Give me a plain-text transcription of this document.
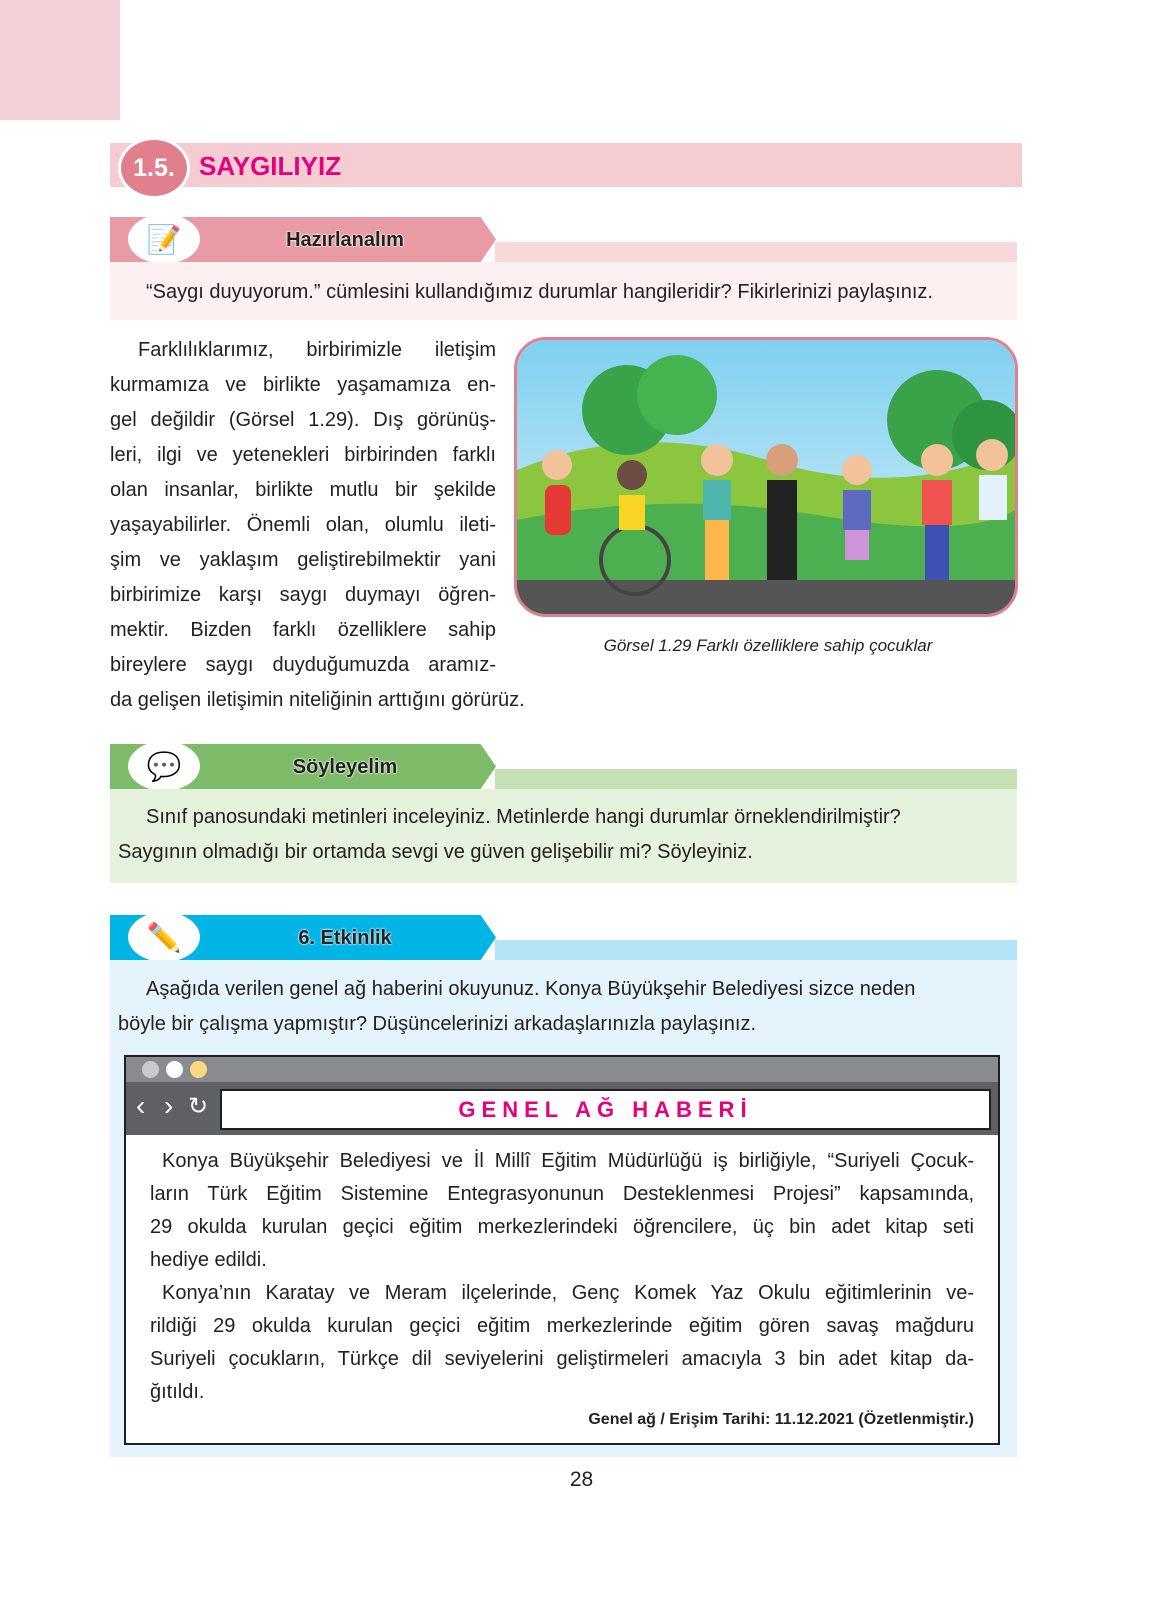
1.5. SAYGILIYIZ
📝	Hazırlanalım
“Saygı duyuyorum.” cümlesini kullandığımız durumlar hangileridir? Fikirlerinizi paylaşınız.
Farklılıklarımız, birbirimizle iletişim
kurmamıza ve birlikte yaşamamıza en-
gel değildir (Görsel 1.29). Dış görünüş-
leri, ilgi ve yetenekleri birbirinden farklı
olan insanlar, birlikte mutlu bir şekilde
yaşayabilirler. Önemli olan, olumlu ileti-
şim ve yaklaşım geliştirebilmektir yani
birbirimize karşı saygı duymayı öğren-
mektir. Bizden farklı özelliklere sahip
bireylere saygı duyduğumuzda aramız-
da gelişen iletişimin niteliğinin arttığını görürüz.
Görsel 1.29 Farklı özelliklere sahip çocuklar
💬	Söyleyelim
Sınıf panosundaki metinleri inceleyiniz. Metinlerde hangi durumlar örneklendirilmiştir?
Saygının olmadığı bir ortamda sevgi ve güven gelişebilir mi? Söyleyiniz.
✏️	6. Etkinlik
Aşağıda verilen genel ağ haberini okuyunuz. Konya Büyükşehir Belediyesi sizce neden
böyle bir çalışma yapmıştır? Düşüncelerinizi arkadaşlarınızla paylaşınız.
‹ › ↻	GENEL AĞ HABERİ
Konya Büyükşehir Belediyesi ve İl Millî Eğitim Müdürlüğü iş birliğiyle, “Suriyeli Çocuk-
ların Türk Eğitim Sistemine Entegrasyonunun Desteklenmesi Projesi” kapsamında,
29 okulda kurulan geçici eğitim merkezlerindeki öğrencilere, üç bin adet kitap seti
hediye edildi.
Konya’nın Karatay ve Meram ilçelerinde, Genç Komek Yaz Okulu eğitimlerinin ve-
rildiği 29 okulda kurulan geçici eğitim merkezlerinde eğitim gören savaş mağduru
Suriyeli çocukların, Türkçe dil seviyelerini geliştirmeleri amacıyla 3 bin adet kitap da-
ğıtıldı.
Genel ağ / Erişim Tarihi: 11.12.2021 (Özetlenmiştir.)
28
